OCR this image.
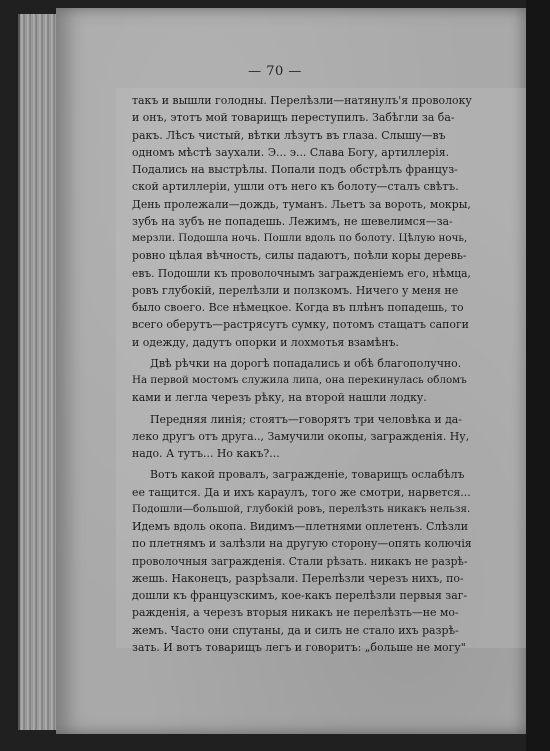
— 70 —
такъ и вышли голодны. Перелѣзли—натянулъ'я проволоку
и онъ, этотъ мой товарищъ переступилъ. Забѣгли за ба-
ракъ. Лѣсъ чистый, вѣтки лѣзутъ въ глаза. Слышу—въ
одномъ мѣстѣ заухали. Э... э... Слава Богу, артиллерія.
Подались на выстрѣлы. Попали подъ обстрѣлъ француз-
ской артиллеріи, ушли отъ него къ болоту—сталъ свѣтъ.
День пролежали—дождь, туманъ. Льетъ за вороть, мокры,
зубъ на зубъ не попадешь. Лежимъ, не шевелимся—за-
мерзли. Подошла ночь. Пошли вдоль по болоту. Цѣлую ночь,
ровно цѣлая вѣчность, силы падаютъ, поѣли коры деревь-
евъ. Подошли къ проволочнымъ загражденіемъ его, нѣмца,
ровъ глубокій, перелѣзли и ползкомъ. Ничего у меня не
было своего. Все нѣмецкое. Когда въ плѣнъ попадешь, то
всего оберутъ—растрясутъ сумку, потомъ стащатъ сапоги
и одежду, дадутъ опорки и лохмотья взамѣнъ.
Двѣ рѣчки на дорогѣ попадались и обѣ благополучно.
На первой мостомъ служила липа, она перекинулась обломъ
ками и легла черезъ рѣку, на второй нашли лодку.
Передняя линія; стоятъ—говорятъ три человѣка и да-
леко другъ отъ друга.., Замучили окопы, загражденія. Ну,
надо. А тутъ... Но какъ?...
Вотъ какой провалъ, загражденіе, товарищъ ослабѣлъ
ее тащится. Да и ихъ караулъ, того же смотри, нарвется...
Подошли—большой, глубокій ровъ, перелѣзть никакъ нельзя.
Идемъ вдоль окопа. Видимъ—плетнями оплетенъ. Слѣзли
по плетнямъ и залѣзли на другую сторону—опять колючія
проволочныя загражденія. Стали рѣзать. никакъ не разрѣ-
жешь. Наконецъ, разрѣзали. Перелѣзли черезъ нихъ, по-
дошли къ французскимъ, кое-какъ перелѣзли первыя заг-
ражденія, а черезъ вторыя никакъ не перелѣзть—не мо-
жемъ. Часто они спутаны, да и силъ не стало ихъ разрѣ-
зать. И вотъ товарищъ легъ и говоритъ: „больше не могу"
